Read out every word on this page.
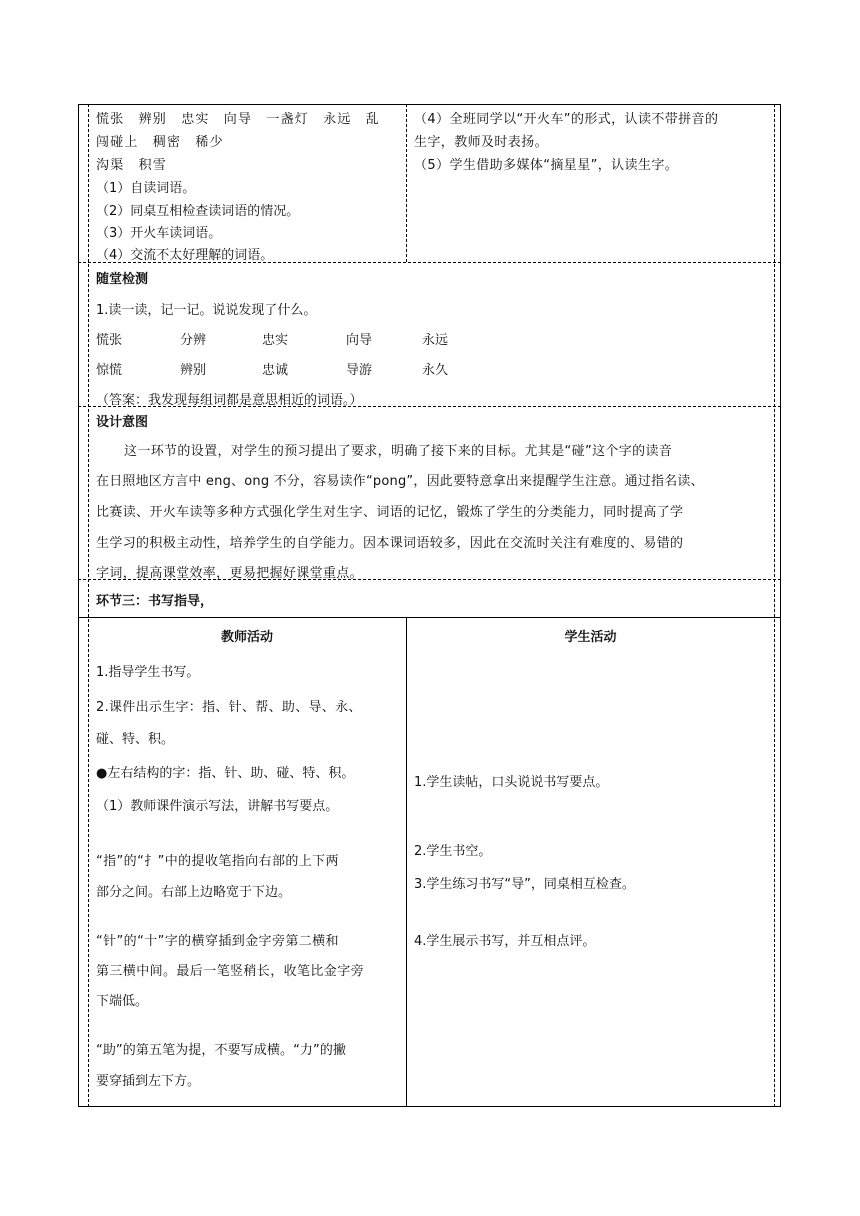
慌张　辨别　忠实　向导　一盏灯　永远　乱
闯碰上　稠密　稀少
沟渠　积雪
（1）自读词语。
（2）同桌互相检查读词语的情况。
（3）开火车读词语。
（4）交流不太好理解的词语。
（4）全班同学以“开火车”的形式，认读不带拼音的
生字，教师及时表扬。
（5）学生借助多媒体“摘星星”，认读生字。
随堂检测
1.读一读，记一记。说说发现了什么。
慌张	分辨	忠实	向导	永远
惊慌	辨别	忠诚	导游	永久
（答案：我发现每组词都是意思相近的词语。）
设计意图
这一环节的设置，对学生的预习提出了要求，明确了接下来的目标。尤其是“碰”这个字的读音
在日照地区方言中 eng、ong 不分，容易读作“pong”，因此要特意拿出来提醒学生注意。通过指名读、
比赛读、开火车读等多种方式强化学生对生字、词语的记忆，锻炼了学生的分类能力，同时提高了学
生学习的积极主动性，培养学生的自学能力。因本课词语较多，因此在交流时关注有难度的、易错的
字词，提高课堂效率，更易把握好课堂重点。
环节三：书写指导，
教师活动	学生活动
1.指导学生书写。
2.课件出示生字：指、针、帮、助、导、永、
碰、特、积。
●左右结构的字：指、针、助、碰、特、积。
（1）教师课件演示写法，讲解书写要点。
“指”的“扌”中的提收笔指向右部的上下两
部分之间。右部上边略宽于下边。
“针”的“十”字的横穿插到金字旁第二横和
第三横中间。最后一笔竖稍长，收笔比金字旁
下端低。
“助”的第五笔为提，不要写成横。“力”的撇
要穿插到左下方。
1.学生读帖，口头说说书写要点。
2.学生书空。
3.学生练习书写“导”，同桌相互检查。
4.学生展示书写，并互相点评。
